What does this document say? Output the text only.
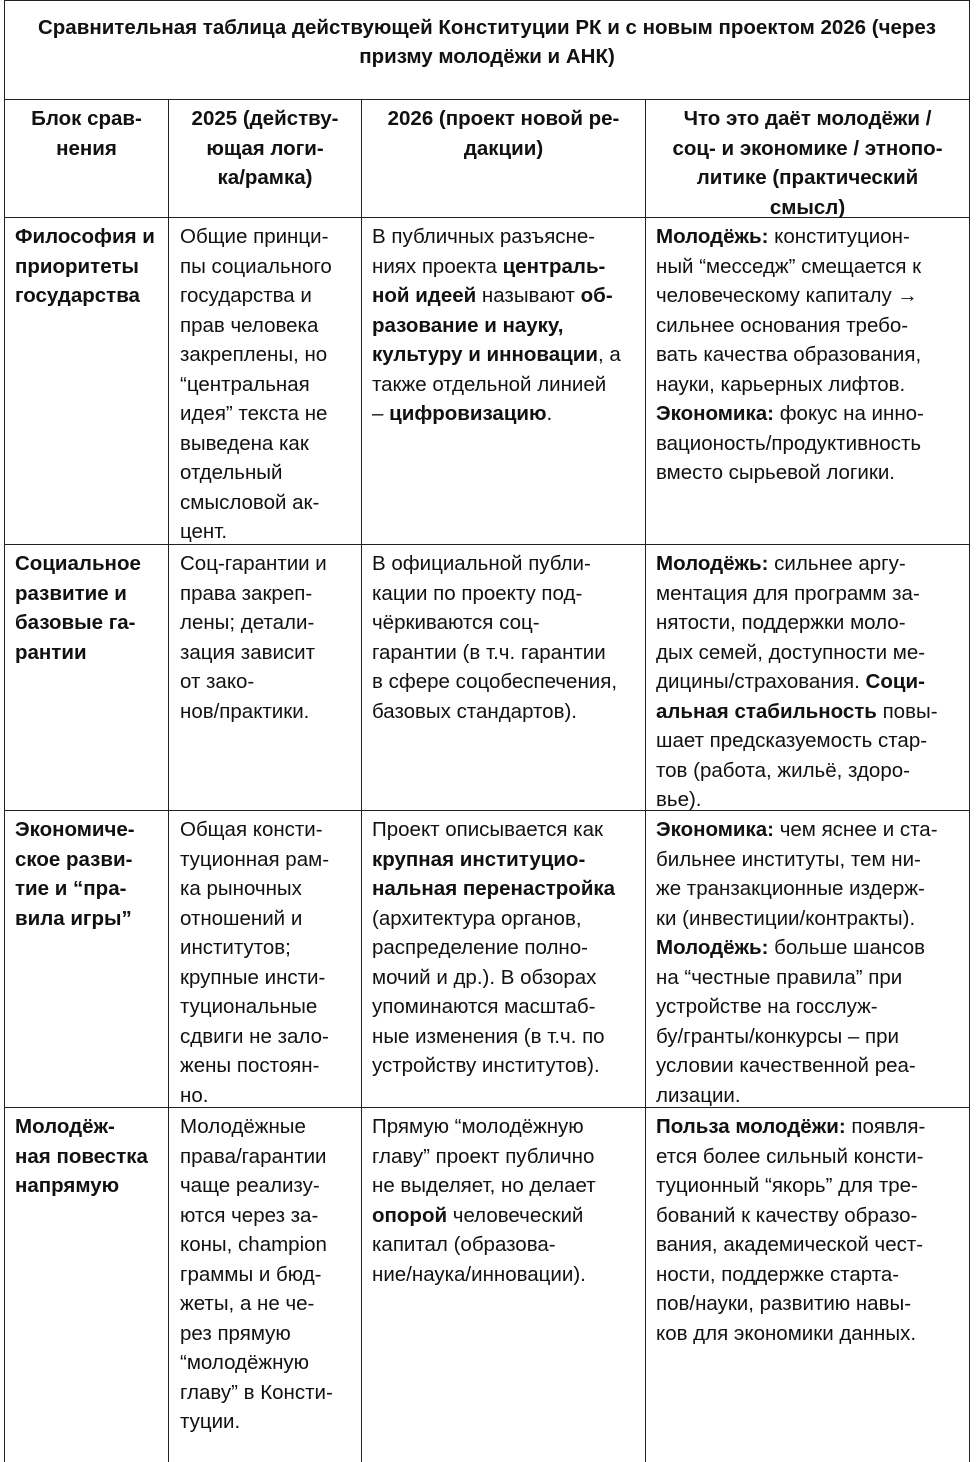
Сравнительная таблица действующей Конституции РК и с новым проектом 2026 (через
призму молодёжи и АНК)
Блок срав-
нения
2025 (действу-
ющая логи-
ка/рамка)
2026 (проект новой ре-
дакции)
Что это даёт молодёжи /
соц- и экономике / этнопо-
литике (практический
смысл)
Философия и
приоритеты
государства
Общие принци-
пы социального
государства и
прав человека
закреплены, но
“центральная
идея” текста не
выведена как
отдельный
смысловой ак-
цент.
В публичных разъясне-
ниях проекта централь-
ной идеей называют об-
разование и науку,
культуру и инновации, а
также отдельной линией
– цифровизацию.
Молодёжь: конституцион-
ный “месседж” смещается к
человеческому капиталу →
сильнее основания требо-
вать качества образования,
науки, карьерных лифтов.
Экономика: фокус на инно-
вационость/продуктивность
вместо сырьевой логики.
Социальное
развитие и
базовые га-
рантии
Соц-гарантии и
права закреп-
лены; детали-
зация зависит
от зако-
нов/практики.
В официальной публи-
кации по проекту под-
чёркиваются соц-
гарантии (в т.ч. гарантии
в сфере соцобеспечения,
базовых стандартов).
Молодёжь: сильнее аргу-
ментация для программ за-
нятости, поддержки моло-
дых семей, доступности ме-
дицины/страхования. Соци-
альная стабильность повы-
шает предсказуемость стар-
тов (работа, жильё, здоро-
вье).
Экономиче-
ское разви-
тие и “пра-
вила игры”
Общая консти-
туционная рам-
ка рыночных
отношений и
институтов;
крупные инсти-
туциональные
сдвиги не зало-
жены постоян-
но.
Проект описывается как
крупная институцио-
нальная перенастройка
(архитектура органов,
распределение полно-
мочий и др.). В обзорах
упоминаются масштаб-
ные изменения (в т.ч. по
устройству институтов).
Экономика: чем яснее и ста-
бильнее институты, тем ни-
же транзакционные издерж-
ки (инвестиции/контракты).
Молодёжь: больше шансов
на “честные правила” при
устройстве на госслуж-
бу/гранты/конкурсы – при
условии качественной реа-
лизации.
Молодёж-
ная повестка
напрямую
Молодёжные
права/гарантии
чаще реализу-
ются через за-
коны, champion
граммы и бюд-
жеты, а не че-
рез прямую
“молодёжную
главу” в Консти-
туции.
Прямую “молодёжную
главу” проект публично
не выделяет, но делает
опорой человеческий
капитал (образова-
ние/наука/инновации).
Польза молодёжи: появля-
ется более сильный консти-
туционный “якорь” для тре-
бований к качеству образо-
вания, академической чест-
ности, поддержке старта-
пов/науки, развитию навы-
ков для экономики данных.
